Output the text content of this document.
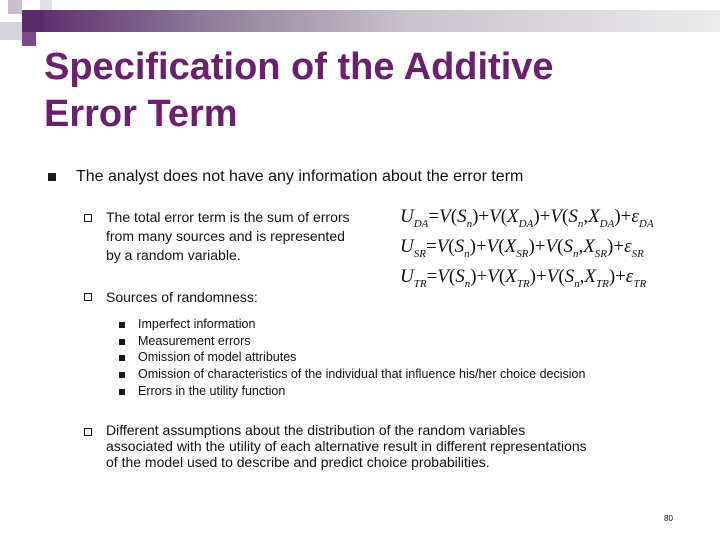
Specification of the Additive
Error Term
The analyst does not have any information about the error term
The total error term is the sum of errors
from many sources and is represented
by a random variable.
$U_{DA}=V(S_n)+V(X_{DA})+V(S_n,X_{DA})+\varepsilon_{DA}$
$U_{SR}=V(S_n)+V(X_{SR})+V(S_n,X_{SR})+\varepsilon_{SR}$
$U_{TR}=V(S_n)+V(X_{TR})+V(S_n,X_{TR})+\varepsilon_{TR}$
Sources of randomness:
Imperfect information
Measurement errors
Omission of model attributes
Omission of characteristics of the individual that influence his/her choice decision
Errors in the utility function
Different assumptions about the distribution of the random variables
associated with the utility of each alternative result in different representations
of the model used to describe and predict choice probabilities.
80
